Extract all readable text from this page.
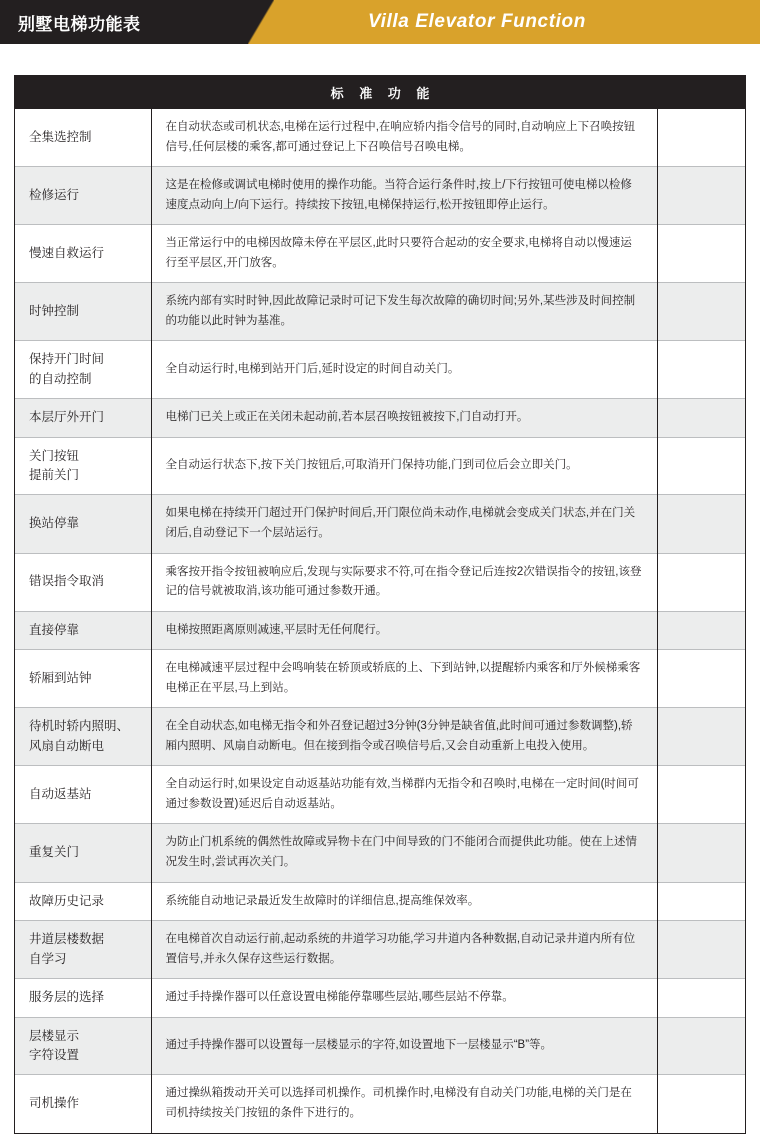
别墅电梯功能表	Villa Elevator Function
标 准 功 能
全集选控制	在自动状态或司机状态,电梯在运行过程中,在响应轿内指令信号的同时,自动响应上下召唤按钮信号,任何层楼的乘客,都可通过登记上下召唤信号召唤电梯。	

检修运行	这是在检修或调试电梯时使用的操作功能。当符合运行条件时,按上/下行按钮可使电梯以检修速度点动向上/向下运行。持续按下按钮,电梯保持运行,松开按钮即停止运行。	

慢速自救运行	当正常运行中的电梯因故障未停在平层区,此时只要符合起动的安全要求,电梯将自动以慢速运行至平层区,开门放客。	

时钟控制	系统内部有实时时钟,因此故障记录时可记下发生每次故障的确切时间;另外,某些涉及时间控制的功能以此时钟为基准。	

保持开门时间
的自动控制	全自动运行时,电梯到站开门后,延时设定的时间自动关门。	

本层厅外开门	电梯门已关上或正在关闭未起动前,若本层召唤按钮被按下,门自动打开。	

关门按钮
提前关门	全自动运行状态下,按下关门按钮后,可取消开门保持功能,门到司位后会立即关门。	

换站停靠	如果电梯在持续开门超过开门保护时间后,开门限位尚未动作,电梯就会变成关门状态,并在门关闭后,自动登记下一个层站运行。	

错误指令取消	乘客按开指令按钮被响应后,发现与实际要求不符,可在指令登记后连按2次错误指令的按钮,该登记的信号就被取消,该功能可通过参数开通。	

直接停靠	电梯按照距离原则减速,平层时无任何爬行。	

轿厢到站钟	在电梯减速平层过程中会鸣响装在轿顶或轿底的上、下到站钟,以提醒轿内乘客和厅外候梯乘客电梯正在平层,马上到站。	

待机时轿内照明、
风扇自动断电	在全自动状态,如电梯无指令和外召登记超过3分钟(3分钟是缺省值,此时间可通过参数调整),轿厢内照明、风扇自动断电。但在接到指令或召唤信号后,又会自动重新上电投入使用。	

自动返基站	全自动运行时,如果设定自动返基站功能有效,当梯群内无指令和召唤时,电梯在一定时间(时间可通过参数设置)延迟后自动返基站。	

重复关门	为防止门机系统的偶然性故障或异物卡在门中间导致的门不能闭合而提供此功能。使在上述情况发生时,尝试再次关门。	

故障历史记录	系统能自动地记录最近发生故障时的详细信息,提高维保效率。	

井道层楼数据
自学习	在电梯首次自动运行前,起动系统的井道学习功能,学习井道内各种数据,自动记录井道内所有位置信号,并永久保存这些运行数据。	

服务层的选择	通过手持操作器可以任意设置电梯能停靠哪些层站,哪些层站不停靠。	

层楼显示
字符设置	通过手持操作器可以设置每一层楼显示的字符,如设置地下一层楼显示“B”等。	

司机操作	通过操纵箱拨动开关可以选择司机操作。司机操作时,电梯没有自动关门功能,电梯的关门是在司机持续按关门按钮的条件下进行的。	
